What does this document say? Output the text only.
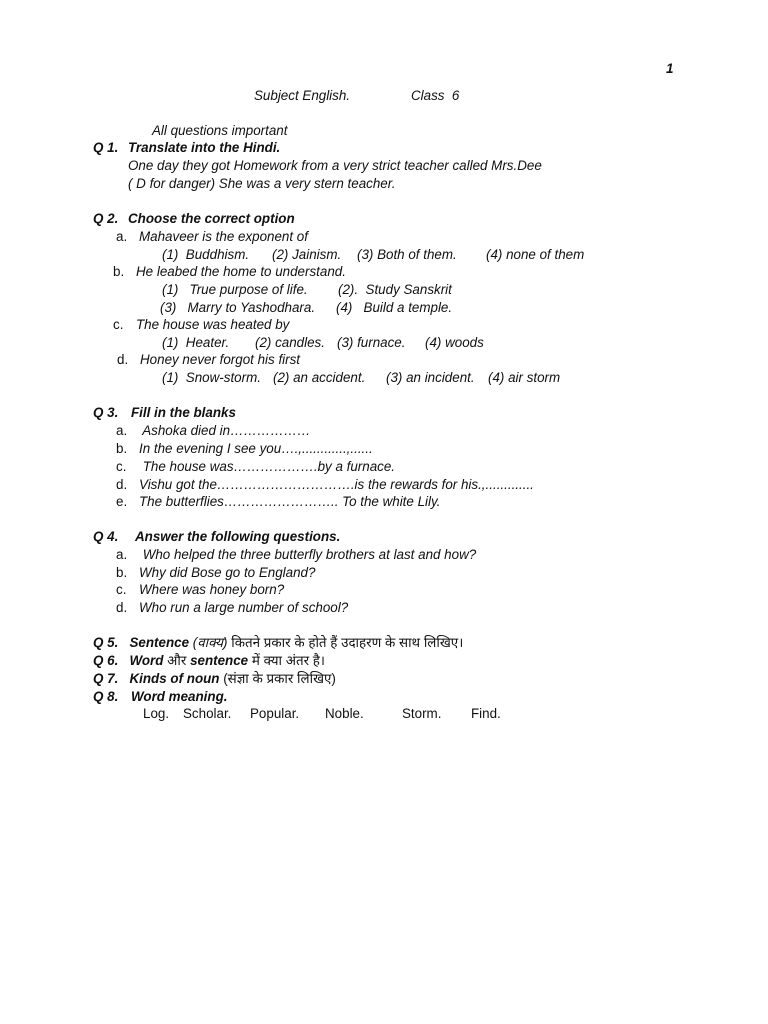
1
Subject English.	Class  6
All questions important
Q 1. Translate into the Hindi.
One day they got Homework from a very strict teacher called Mrs.Dee
( D for danger) She was a very stern teacher.
Q 2. Choose the correct option
a. Mahaveer is the exponent of
(1)  Buddhism. (2) Jainism. (3) Both of them. (4) none of them
b. He leabed the home to understand.
(1)   True purpose of life. (2).  Study Sanskrit
(3)   Marry to Yashodhara. (4)   Build a temple.
c. The house was heated by
(1)  Heater. (2) candles. (3) furnace. (4) woods
d. Honey never forgot his first
(1)  Snow-storm. (2) an accident. (3) an incident. (4) air storm
Q 3. Fill in the blanks
a. Ashoka died in………………
b. In the evening I see you….,............,......
c. The house was……………….by a furnace.
d. Vishu got the………………………….is the rewards for his.,.............
e. The butterflies…………………….. To the white Lily.
Q 4. Answer the following questions.
a. Who helped the three butterfly brothers at last and how?
b. Why did Bose go to England?
c. Where was honey born?
d. Who run a large number of school?
Q 5. Sentence (वाक्य) कितने प्रकार के होते हैं उदाहरण के साथ लिखिए।
Q 6. Word और sentence में क्या अंतर है।
Q 7. Kinds of noun (संज्ञा के प्रकार लिखिए)
Q 8. Word meaning.
Log. Scholar. Popular. Noble.	Storm. Find.
